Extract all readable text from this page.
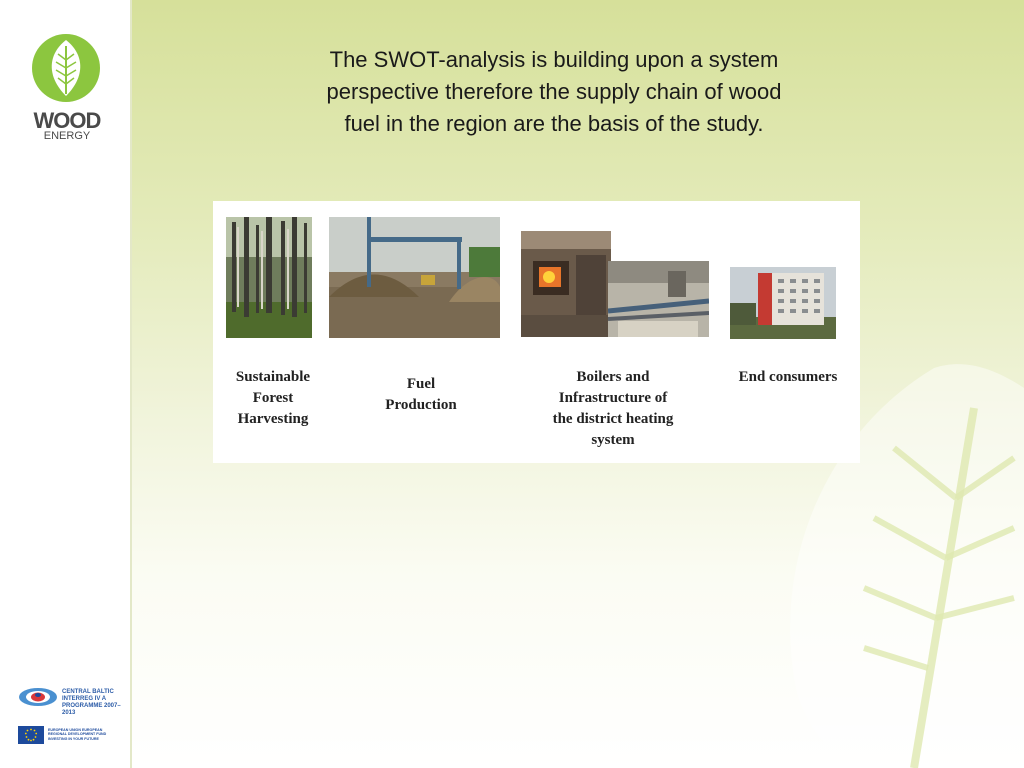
WOOD
ENERGY
CENTRAL BALTIC INTERREG IV A PROGRAMME 2007–2013
EUROPEAN UNION EUROPEAN REGIONAL DEVELOPMENT FUND INVESTING IN YOUR FUTURE
The SWOT-analysis is building upon a system perspective therefore the supply chain of wood fuel in the region are the basis of the study.
Sustainable Forest Harvesting
Fuel Production
Boilers and Infrastructure of the district heating system
End consumers
